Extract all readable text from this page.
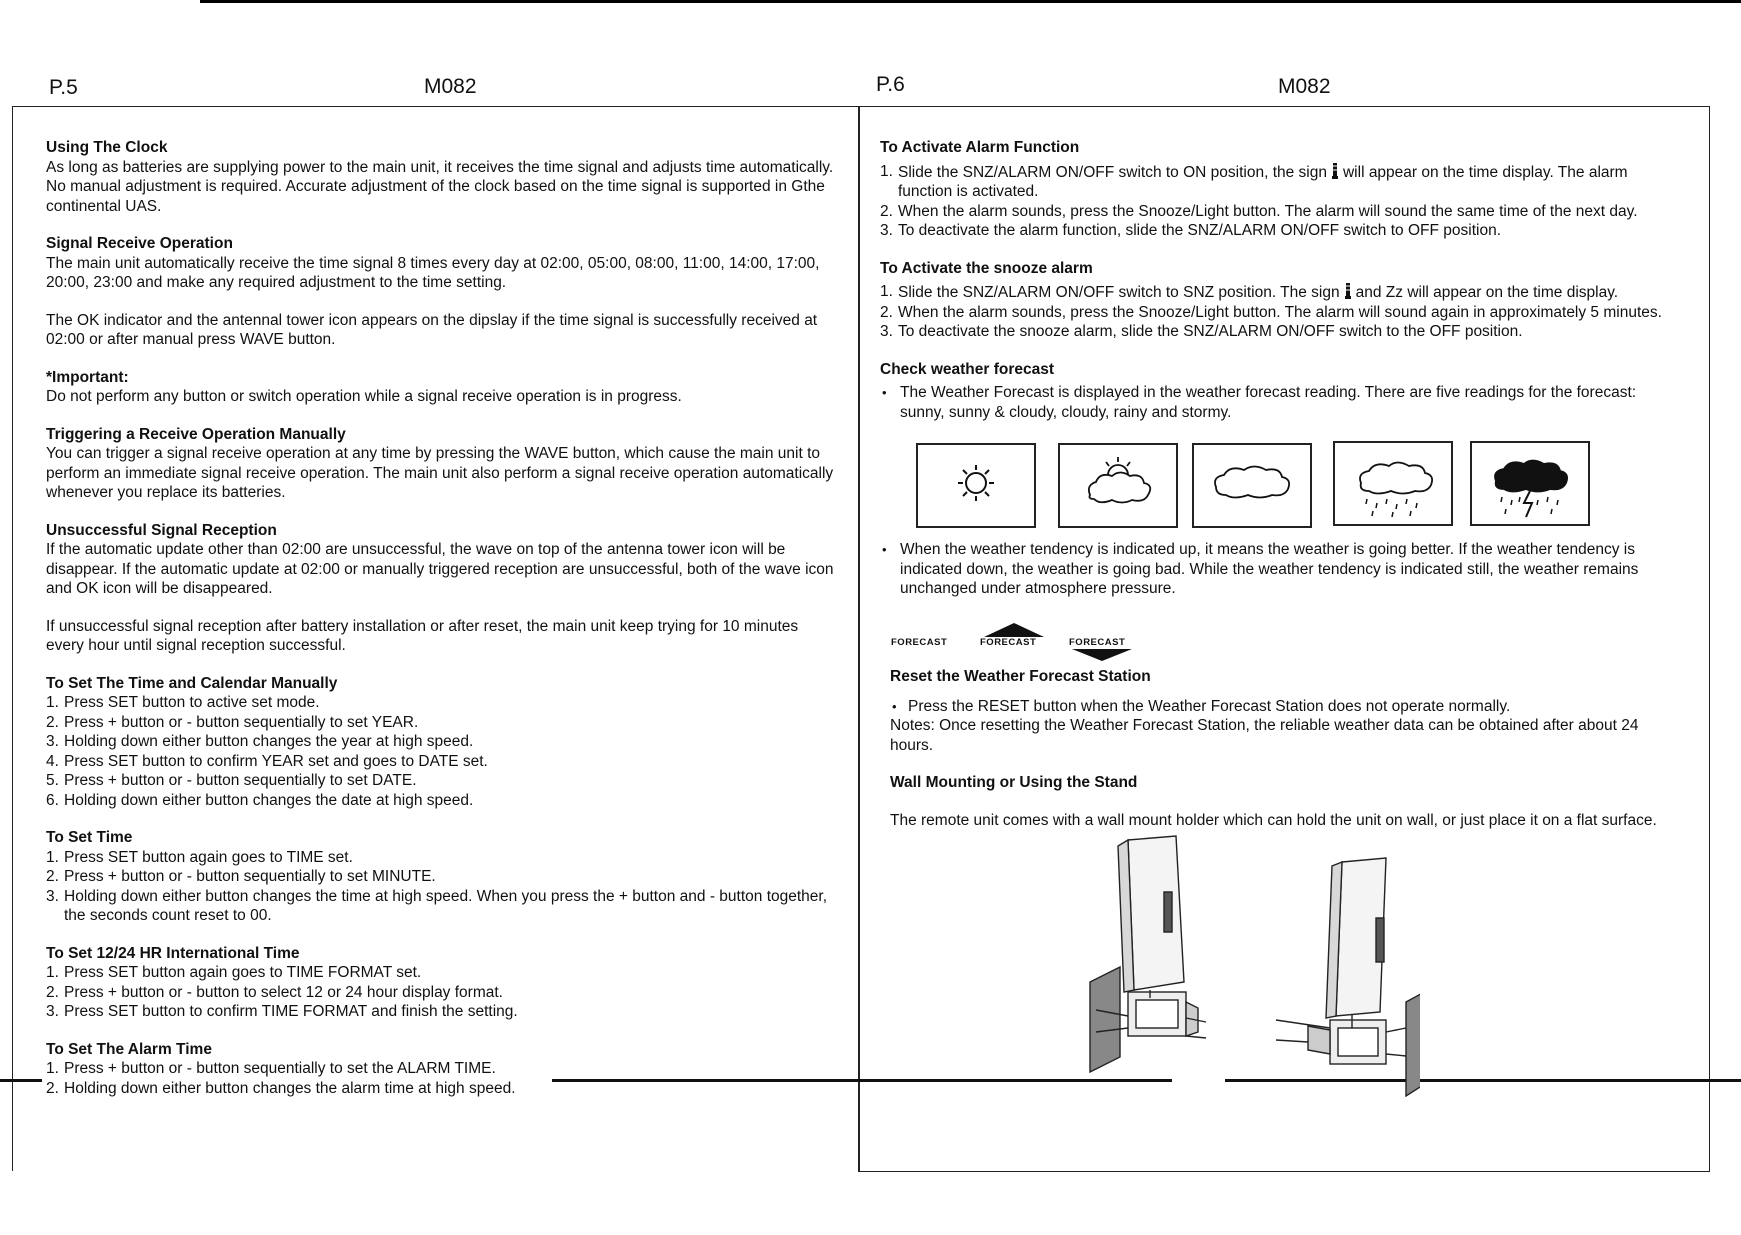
P.5	M082	P.6	M082

Using The Clock

As long as batteries are supplying power to the main unit, it receives the time signal and adjusts time automatically. No manual adjustment is required. Accurate adjustment of the clock based on the time signal is supported in Gthe continental UAS.

Signal Receive Operation

The main unit automatically receive the time signal 8 times every day at 02:00, 05:00, 08:00, 11:00, 14:00, 17:00, 20:00, 23:00 and make any required adjustment to the time setting.

The OK indicator and the antennal tower icon appears on the dipslay if the time signal is successfully received at 02:00 or after manual press WAVE button.

*Important:

Do not perform any button or switch operation while a signal receive operation is in progress.

Triggering a Receive Operation Manually

You can trigger a signal receive operation at any time by pressing the WAVE button, which cause the main unit to perform an immediate signal receive operation. The main unit also perform a signal receive operation automatically whenever you replace its batteries.

Unsuccessful Signal Reception

If the automatic update other than 02:00 are unsuccessful, the wave on top of the antenna tower icon will be disappear. If the automatic update at 02:00 or manually triggered reception are unsuccessful, both of the wave icon and OK icon will be disappeared.

If unsuccessful signal reception after battery installation or after reset, the main unit keep trying for 10 minutes every hour until signal reception successful.

To Set The Time and Calendar Manually

1. Press SET button to active set mode.
2. Press + button or - button sequentially to set YEAR.
3. Holding down either button changes the year at high speed.
4. Press SET button to confirm YEAR set and goes to DATE set.
5. Press + button or - button sequentially to set DATE.
6. Holding down either button changes the date at high speed.

To Set Time

1. Press SET button again goes to TIME set.
2. Press + button or - button sequentially to set MINUTE.
3. Holding down either button changes the time at high speed. When you press the + button and - button together, the seconds count reset to 00.

To Set 12/24 HR International Time

1. Press SET button again goes to TIME FORMAT set.
2. Press + button or - button to select 12 or 24 hour display format.
3. Press SET button to confirm TIME FORMAT and finish the setting.

To Set The Alarm Time

1. Press + button or - button sequentially to set the ALARM TIME.
2. Holding down either button changes the alarm time at high speed.

To Activate Alarm Function

1. Slide the SNZ/ALARM ON/OFF switch to ON position, the sign will appear on the time display. The alarm function is activated.
2. When the alarm sounds, press the Snooze/Light button. The alarm will sound the same time of the next day.
3. To deactivate the alarm function, slide the SNZ/ALARM ON/OFF switch to OFF position.

To Activate the snooze alarm

1. Slide the SNZ/ALARM ON/OFF switch to SNZ position. The sign and Zz will appear on the time display.
2. When the alarm sounds, press the Snooze/Light button. The alarm will sound again in approximately 5 minutes.
3. To deactivate the snooze alarm, slide the SNZ/ALARM ON/OFF switch to the OFF position.

Check weather forecast

• The Weather Forecast is displayed in the weather forecast reading. There are five readings for the forecast: sunny, sunny & cloudy, cloudy, rainy and stormy.
• When the weather tendency is indicated up, it means the weather is going better. If the weather tendency is indicated down, the weather is going bad. While the weather tendency is indicated still, the weather remains unchanged under atmosphere pressure.
FORECAST	FORECAST	FORECAST

Reset the Weather Forecast Station

• Press the RESET button when the Weather Forecast Station does not operate normally.

Notes: Once resetting the Weather Forecast Station, the reliable weather data can be obtained after about 24 hours.

Wall Mounting or Using the Stand

The remote unit comes with a wall mount holder which can hold the unit on wall, or just place it on a flat surface.
